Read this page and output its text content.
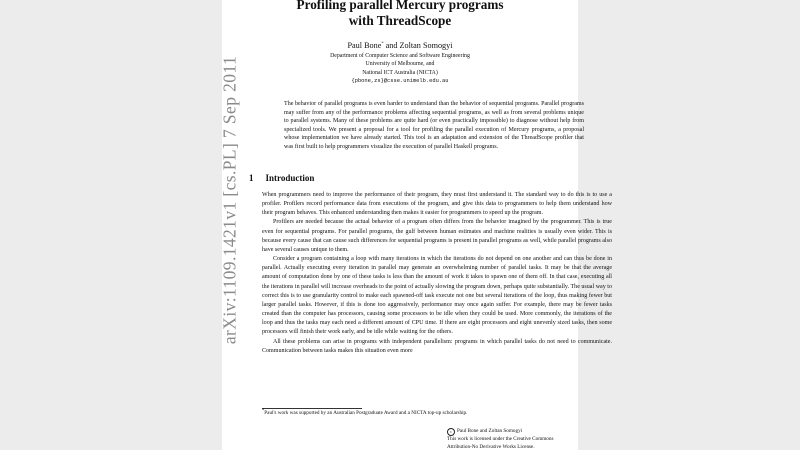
Profiling parallel Mercury programs
with ThreadScope
Paul Bone* and Zoltan Somogyi
Department of Computer Science and Software Engineering
University of Melbourne, and
National ICT Australia (NICTA)
{pbone,zs}@csse.unimelb.edu.au
The behavior of parallel programs is even harder to understand than the behavior of sequential programs. Parallel programs may suffer from any of the performance problems affecting sequential programs, as well as from several problems unique to parallel systems. Many of these problems are quite hard (or even practically impossible) to diagnose without help from specialized tools. We present a proposal for a tool for profiling the parallel execution of Mercury programs, a proposal whose implementation we have already started. This tool is an adaptation and extension of the ThreadScope profiler that was first built to help programmers visualize the execution of parallel Haskell programs.
1 Introduction

When programmers need to improve the performance of their program, they must first understand it. The standard way to do this is to use a profiler. Profilers record performance data from executions of the program, and give this data to programmers to help them understand how their program behaves. This enhanced understanding then makes it easier for programmers to speed up the program.

Profilers are needed because the actual behavior of a program often differs from the behavior imagined by the programmer. This is true even for sequential programs. For parallel programs, the gulf between human estimates and machine realities is usually even wider. This is because every cause that can cause such differences for sequential programs is present in parallel programs as well, while parallel programs also have several causes unique to them.

Consider a program containing a loop with many iterations in which the iterations do not depend on one another and can thus be done in parallel. Actually executing every iteration in parallel may generate an overwhelming number of parallel tasks. It may be that the average amount of computation done by one of these tasks is less than the amount of work it takes to spawn one of them off. In that case, executing all the iterations in parallel will increase overheads to the point of actually slowing the program down, perhaps quite substantially. The usual way to correct this is to use granularity control to make each spawned-off task execute not one but several iterations of the loop, thus making fewer but larger parallel tasks. However, if this is done too aggressively, performance may once again suffer. For example, there may be fewer tasks created than the computer has processors, causing some processors to be idle when they could be used. More commonly, the iterations of the loop and thus the tasks may each need a different amount of CPU time. If there are eight processors and eight unevenly sized tasks, then some processors will finish their work early, and be idle while waiting for the others.

All these problems can arise in programs with independent parallelism: programs in which parallel tasks do not need to communicate. Communication between tasks makes this situation even more

*Paul's work was supported by an Australian Postgraduate Award and a NICTA top-up scholarship.
c Paul Bone and Zoltan Somogyi
This work is licensed under the Creative Commons
Attribution-No Derivative Works License.
arXiv:1109.1421v1 [cs.PL] 7 Sep 2011
